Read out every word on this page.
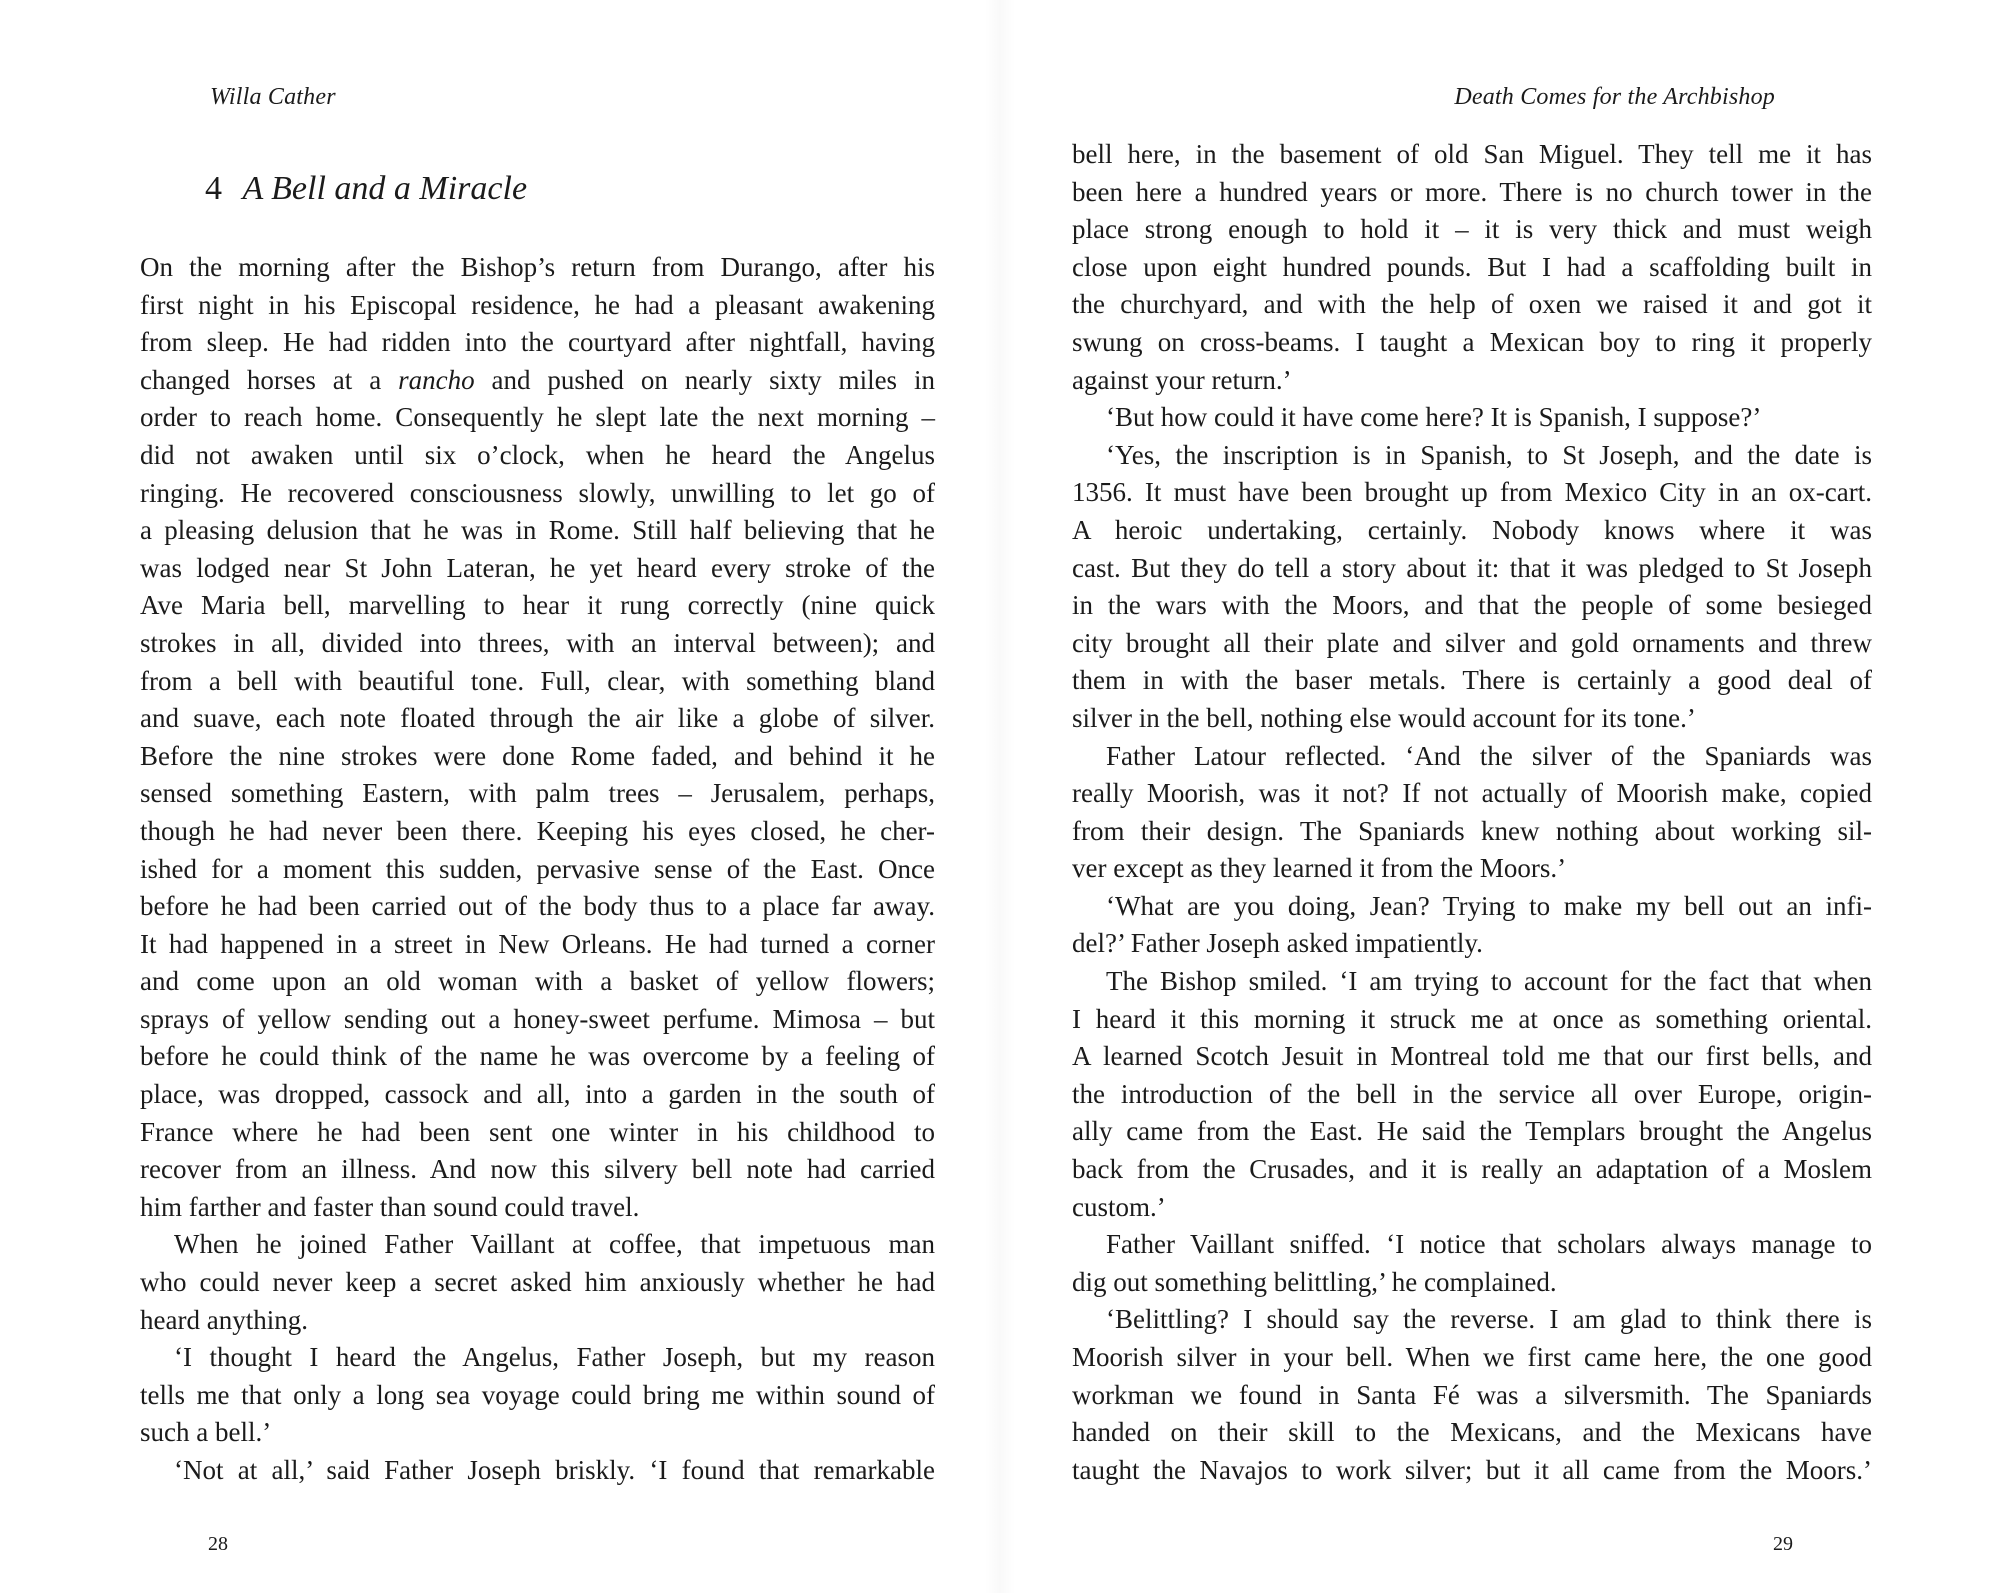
Willa Cather
4 A Bell and a Miracle
On the morning after the Bishop’s return from Durango, after his
first night in his Episcopal residence, he had a pleasant awakening
from sleep. He had ridden into the courtyard after nightfall, having
changed horses at a rancho and pushed on nearly sixty miles in
order to reach home. Consequently he slept late the next morning –
did not awaken until six o’clock, when he heard the Angelus
ringing. He recovered consciousness slowly, unwilling to let go of
a pleasing delusion that he was in Rome. Still half believing that he
was lodged near St John Lateran, he yet heard every stroke of the
Ave Maria bell, marvelling to hear it rung correctly (nine quick
strokes in all, divided into threes, with an interval between); and
from a bell with beautiful tone. Full, clear, with something bland
and suave, each note floated through the air like a globe of silver.
Before the nine strokes were done Rome faded, and behind it he
sensed something Eastern, with palm trees – Jerusalem, perhaps,
though he had never been there. Keeping his eyes closed, he cher-
ished for a moment this sudden, pervasive sense of the East. Once
before he had been carried out of the body thus to a place far away.
It had happened in a street in New Orleans. He had turned a corner
and come upon an old woman with a basket of yellow flowers;
sprays of yellow sending out a honey-sweet perfume. Mimosa – but
before he could think of the name he was overcome by a feeling of
place, was dropped, cassock and all, into a garden in the south of
France where he had been sent one winter in his childhood to
recover from an illness. And now this silvery bell note had carried
him farther and faster than sound could travel.
When he joined Father Vaillant at coffee, that impetuous man
who could never keep a secret asked him anxiously whether he had
heard anything.
‘I thought I heard the Angelus, Father Joseph, but my reason
tells me that only a long sea voyage could bring me within sound of
such a bell.’
‘Not at all,’ said Father Joseph briskly. ‘I found that remarkable
28
Death Comes for the Archbishop
bell here, in the basement of old San Miguel. They tell me it has
been here a hundred years or more. There is no church tower in the
place strong enough to hold it – it is very thick and must weigh
close upon eight hundred pounds. But I had a scaffolding built in
the churchyard, and with the help of oxen we raised it and got it
swung on cross-beams. I taught a Mexican boy to ring it properly
against your return.’
‘But how could it have come here? It is Spanish, I suppose?’
‘Yes, the inscription is in Spanish, to St Joseph, and the date is
1356. It must have been brought up from Mexico City in an ox-cart.
A heroic undertaking, certainly. Nobody knows where it was
cast. But they do tell a story about it: that it was pledged to St Joseph
in the wars with the Moors, and that the people of some besieged
city brought all their plate and silver and gold ornaments and threw
them in with the baser metals. There is certainly a good deal of
silver in the bell, nothing else would account for its tone.’
Father Latour reflected. ‘And the silver of the Spaniards was
really Moorish, was it not? If not actually of Moorish make, copied
from their design. The Spaniards knew nothing about working sil-
ver except as they learned it from the Moors.’
‘What are you doing, Jean? Trying to make my bell out an infi-
del?’ Father Joseph asked impatiently.
The Bishop smiled. ‘I am trying to account for the fact that when
I heard it this morning it struck me at once as something oriental.
A learned Scotch Jesuit in Montreal told me that our first bells, and
the introduction of the bell in the service all over Europe, origin-
ally came from the East. He said the Templars brought the Angelus
back from the Crusades, and it is really an adaptation of a Moslem
custom.’
Father Vaillant sniffed. ‘I notice that scholars always manage to
dig out something belittling,’ he complained.
‘Belittling? I should say the reverse. I am glad to think there is
Moorish silver in your bell. When we first came here, the one good
workman we found in Santa Fé was a silversmith. The Spaniards
handed on their skill to the Mexicans, and the Mexicans have
taught the Navajos to work silver; but it all came from the Moors.’
29
